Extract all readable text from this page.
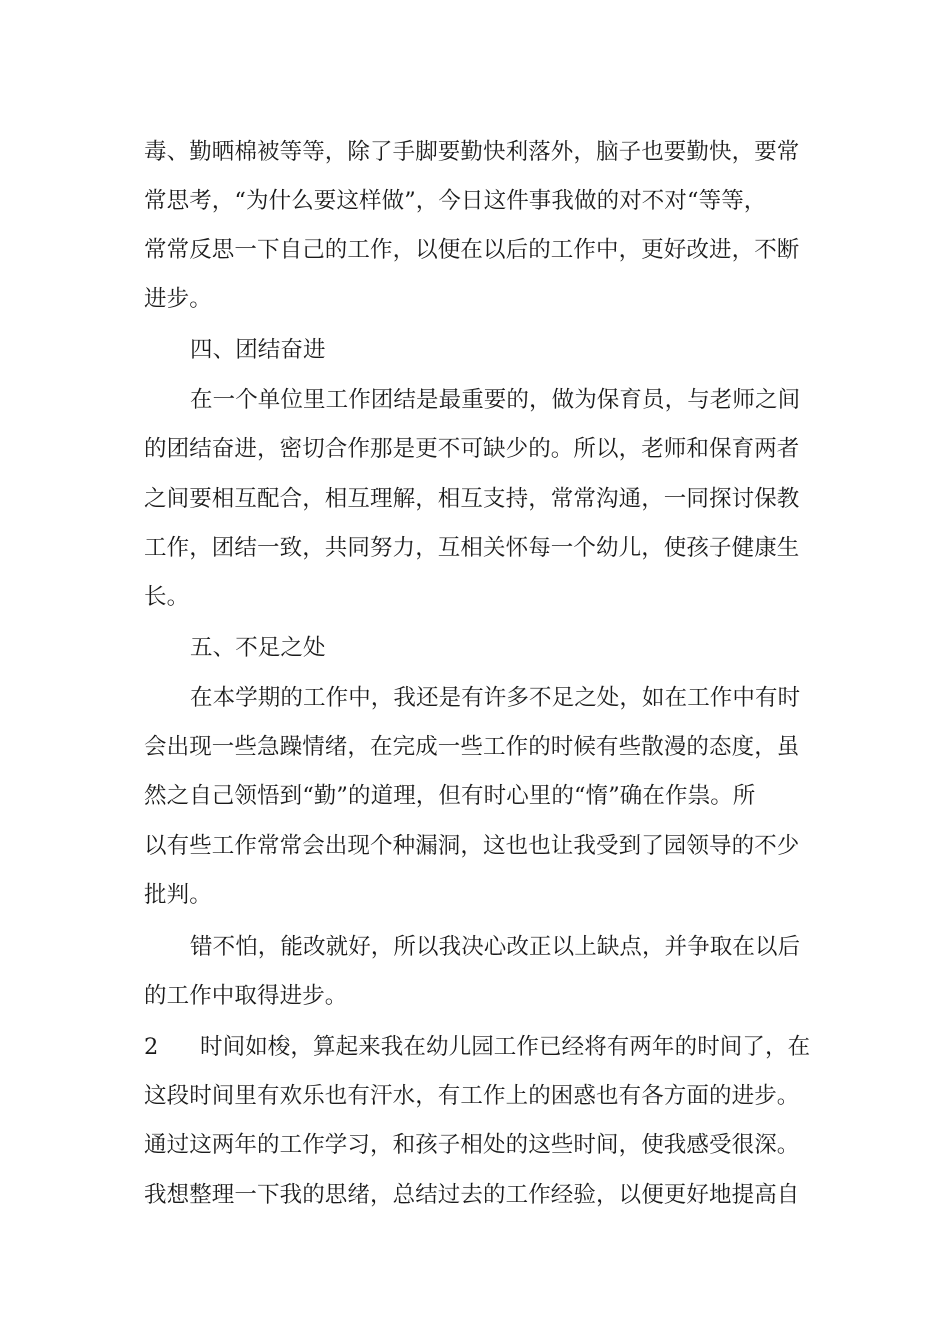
毒、勤晒棉被等等，除了手脚要勤快利落外，脑子也要勤快，要常
常思考，“为什么要这样做”，今日这件事我做的对不对“等等，
常常反思一下自己的工作，以便在以后的工作中，更好改进，不断
进步。
四、团结奋进
在一个单位里工作团结是最重要的，做为保育员，与老师之间
的团结奋进，密切合作那是更不可缺少的。所以，老师和保育两者
之间要相互配合，相互理解，相互支持，常常沟通，一同探讨保教
工作，团结一致，共同努力，互相关怀每一个幼儿，使孩子健康生
长。
五、不足之处
在本学期的工作中，我还是有许多不足之处，如在工作中有时
会出现一些急躁情绪，在完成一些工作的时候有些散漫的态度，虽
然之自己领悟到“勤”的道理，但有时心里的“惰”确在作祟。所
以有些工作常常会出现个种漏洞，这也也让我受到了园领导的不少
批判。
错不怕，能改就好，所以我决心改正以上缺点，并争取在以后
的工作中取得进步。
2 时间如梭，算起来我在幼儿园工作已经将有两年的时间了，在
这段时间里有欢乐也有汗水，有工作上的困惑也有各方面的进步。
通过这两年的工作学习，和孩子相处的这些时间，使我感受很深。
我想整理一下我的思绪，总结过去的工作经验，以便更好地提高自
